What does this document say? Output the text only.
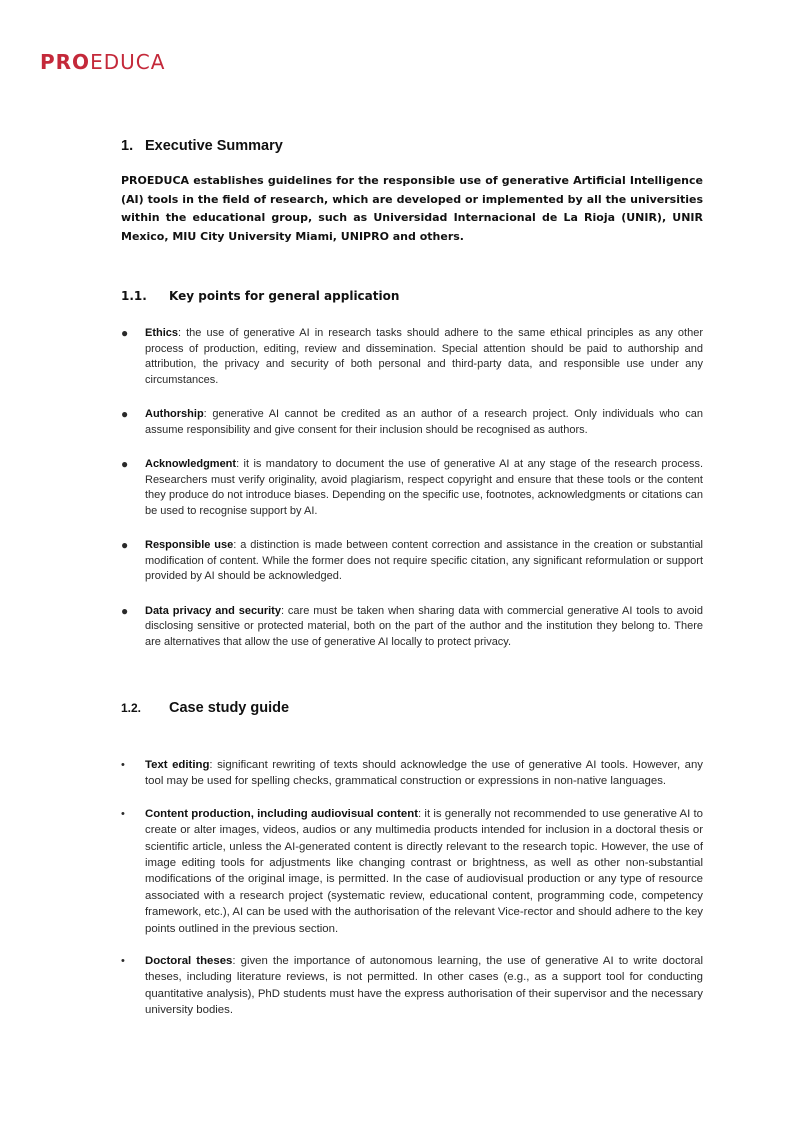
PROEDUCA
1. Executive Summary
PROEDUCA establishes guidelines for the responsible use of generative Artificial Intelligence (AI) tools in the field of research, which are developed or implemented by all the universities within the educational group, such as Universidad Internacional de La Rioja (UNIR), UNIR Mexico, MIU City University Miami, UNIPRO and others.
1.1. Key points for general application
● Ethics: the use of generative AI in research tasks should adhere to the same ethical principles as any other process of production, editing, review and dissemination. Special attention should be paid to authorship and attribution, the privacy and security of both personal and third-party data, and responsible use under any circumstances.
● Authorship: generative AI cannot be credited as an author of a research project. Only individuals who can assume responsibility and give consent for their inclusion should be recognised as authors.
● Acknowledgment: it is mandatory to document the use of generative AI at any stage of the research process. Researchers must verify originality, avoid plagiarism, respect copyright and ensure that these tools or the content they produce do not introduce biases. Depending on the specific use, footnotes, acknowledgments or citations can be used to recognise support by AI.
● Responsible use: a distinction is made between content correction and assistance in the creation or substantial modification of content. While the former does not require specific citation, any significant reformulation or support provided by AI should be acknowledged.
● Data privacy and security: care must be taken when sharing data with commercial generative AI tools to avoid disclosing sensitive or protected material, both on the part of the author and the institution they belong to. There are alternatives that allow the use of generative AI locally to protect privacy.
1.2. Case study guide
• Text editing: significant rewriting of texts should acknowledge the use of generative AI tools. However, any tool may be used for spelling checks, grammatical construction or expressions in non-native languages.
• Content production, including audiovisual content: it is generally not recommended to use generative AI to create or alter images, videos, audios or any multimedia products intended for inclusion in a doctoral thesis or scientific article, unless the AI-generated content is directly relevant to the research topic. However, the use of image editing tools for adjustments like changing contrast or brightness, as well as other non-substantial modifications of the original image, is permitted. In the case of audiovisual production or any type of resource associated with a research project (systematic review, educational content, programming code, competency framework, etc.), AI can be used with the authorisation of the relevant Vice-rector and should adhere to the key points outlined in the previous section.
• Doctoral theses: given the importance of autonomous learning, the use of generative AI to write doctoral theses, including literature reviews, is not permitted. In other cases (e.g., as a support tool for conducting quantitative analysis), PhD students must have the express authorisation of their supervisor and the necessary university bodies.
